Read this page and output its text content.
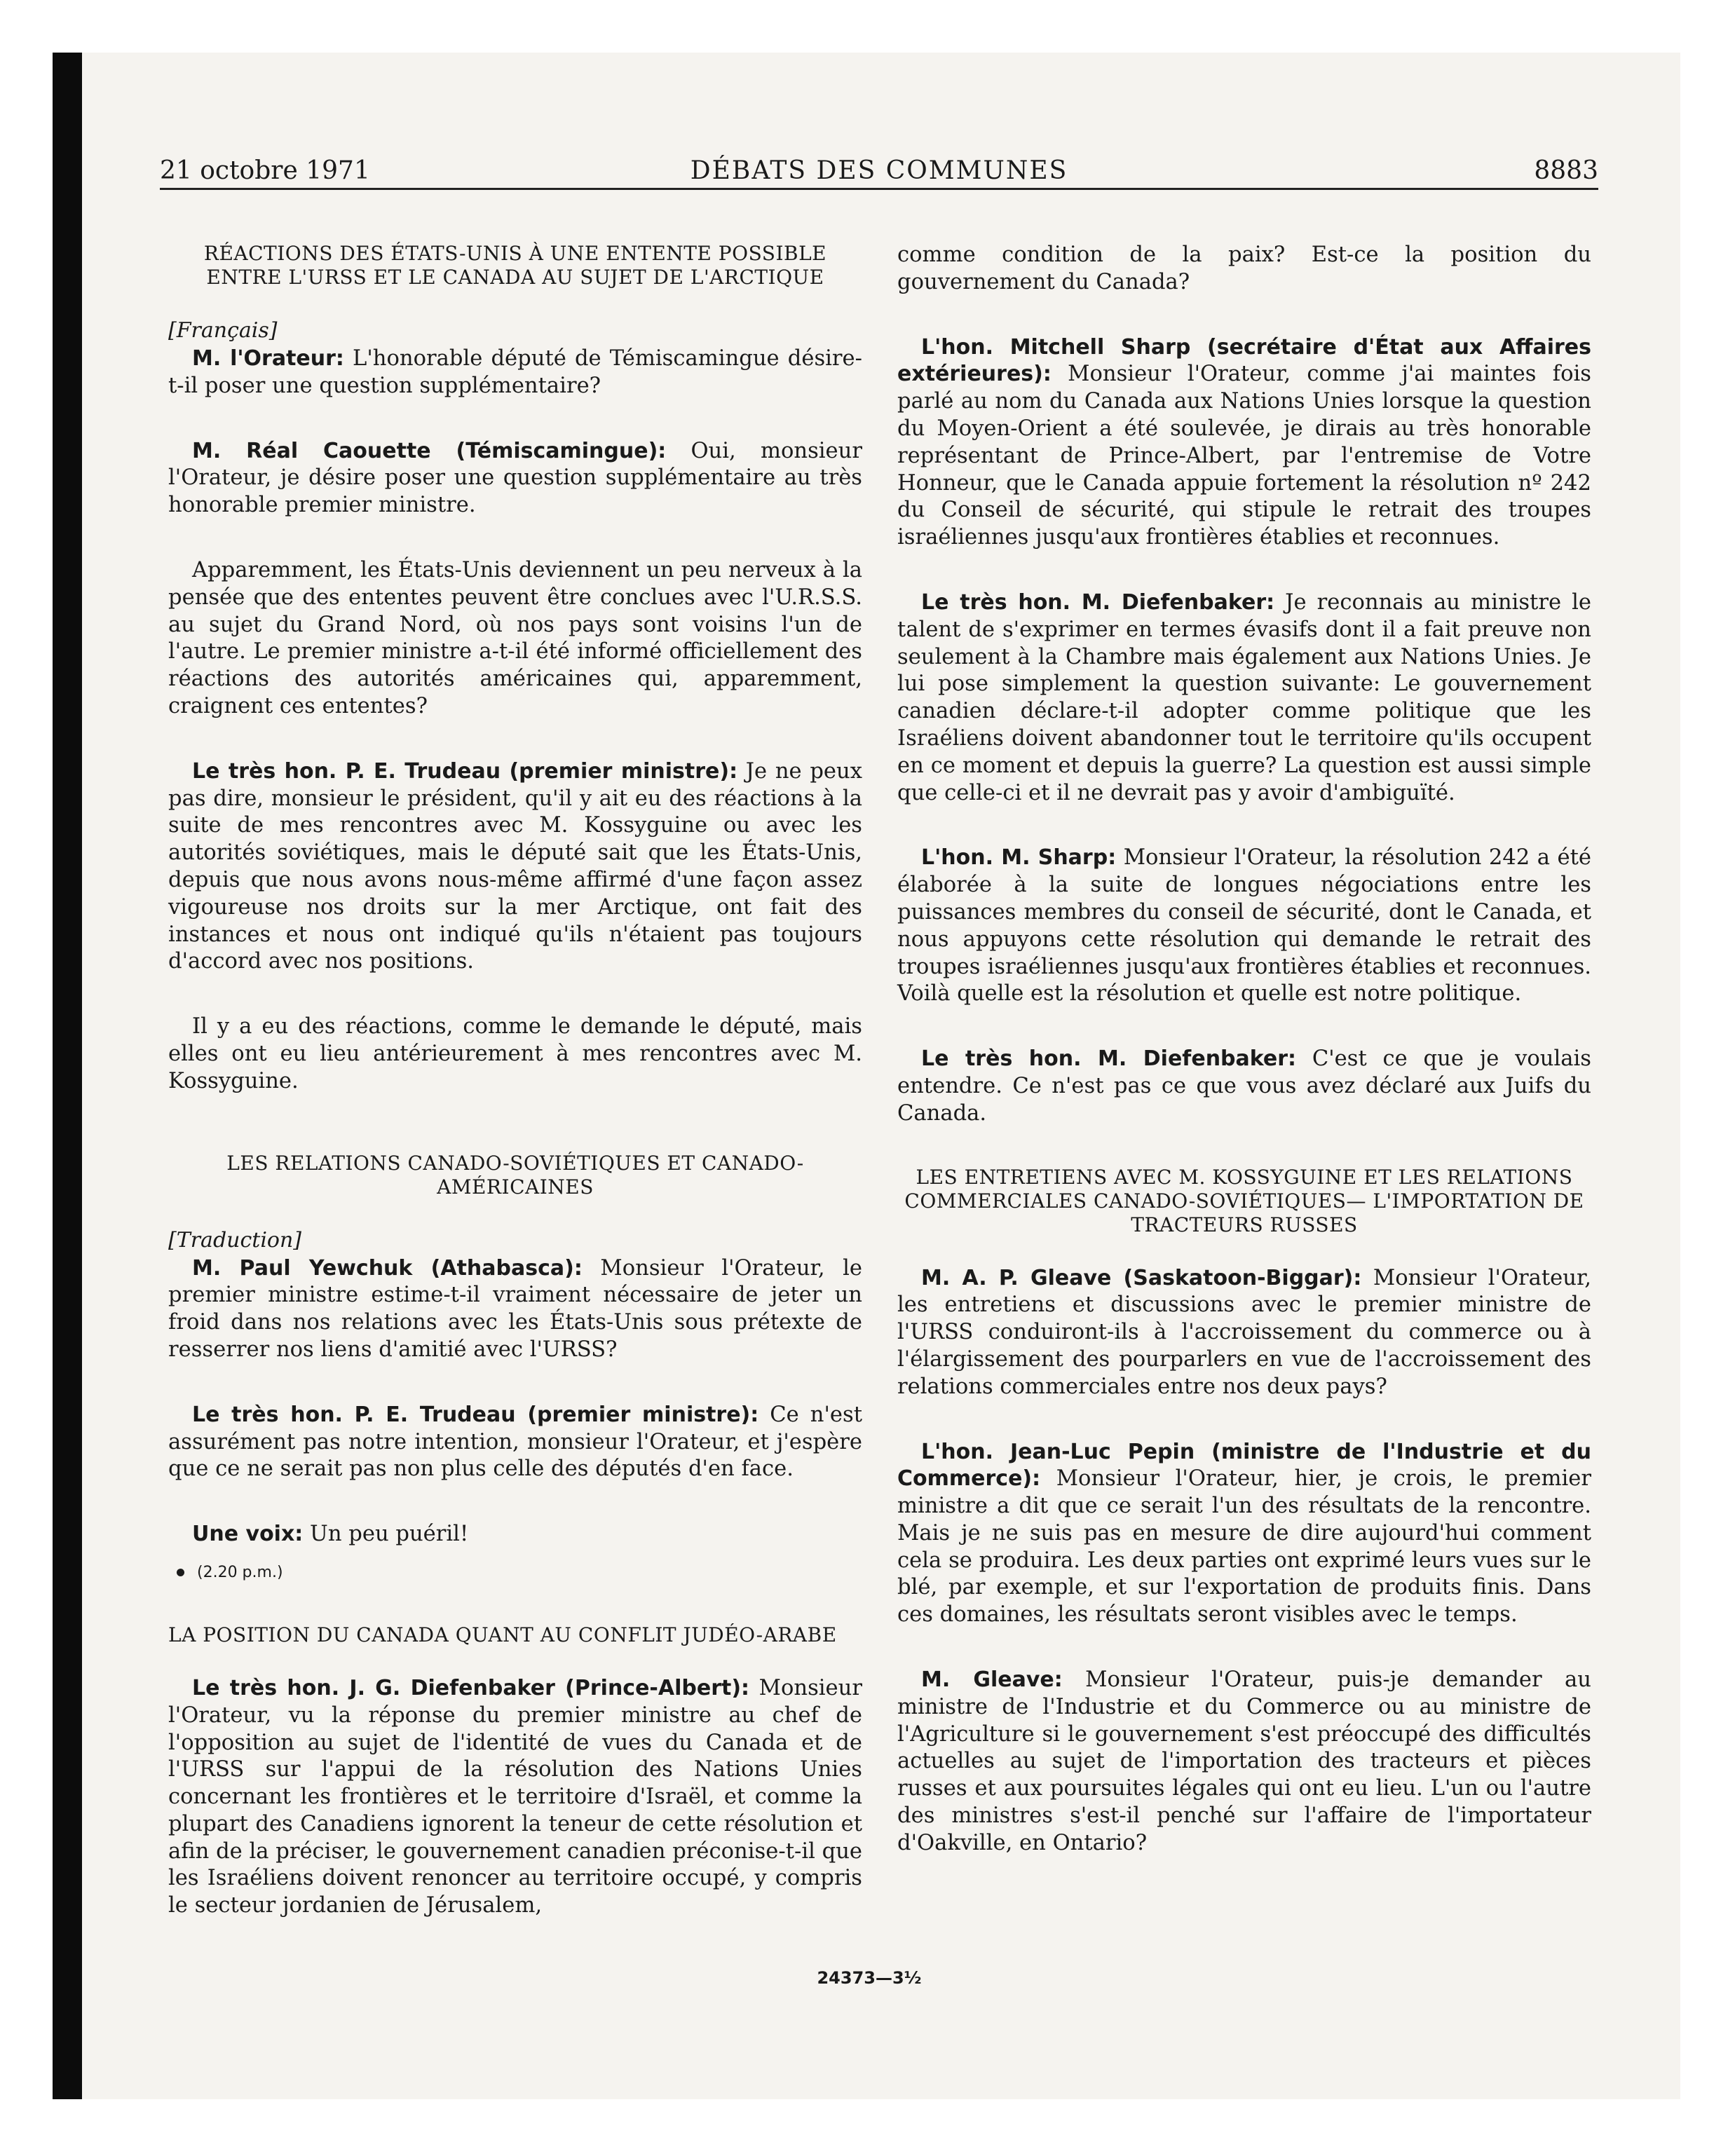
21 octobre 1971	DÉBATS DES COMMUNES	8883
RÉACTIONS DES ÉTATS-UNIS À UNE ENTENTE POSSIBLE ENTRE L'URSS ET LE CANADA AU SUJET DE L'ARCTIQUE
[Français]

M. l'Orateur: L'honorable député de Témiscamingue désire-t-il poser une question supplémentaire?

M. Réal Caouette (Témiscamingue): Oui, monsieur l'Orateur, je désire poser une question supplémentaire au très honorable premier ministre.

Apparemment, les États-Unis deviennent un peu nerveux à la pensée que des ententes peuvent être conclues avec l'U.R.S.S. au sujet du Grand Nord, où nos pays sont voisins l'un de l'autre. Le premier ministre a-t-il été informé officiellement des réactions des autorités américaines qui, apparemment, craignent ces ententes?

Le très hon. P. E. Trudeau (premier ministre): Je ne peux pas dire, monsieur le président, qu'il y ait eu des réactions à la suite de mes rencontres avec M. Kossyguine ou avec les autorités soviétiques, mais le député sait que les États-Unis, depuis que nous avons nous-même affirmé d'une façon assez vigoureuse nos droits sur la mer Arctique, ont fait des instances et nous ont indiqué qu'ils n'étaient pas toujours d'accord avec nos positions.

Il y a eu des réactions, comme le demande le député, mais elles ont eu lieu antérieurement à mes rencontres avec M. Kossyguine.

LES RELATIONS CANADO-SOVIÉTIQUES ET CANADO-AMÉRICAINES
[Traduction]

M. Paul Yewchuk (Athabasca): Monsieur l'Orateur, le premier ministre estime-t-il vraiment nécessaire de jeter un froid dans nos relations avec les États-Unis sous prétexte de resserrer nos liens d'amitié avec l'URSS?

Le très hon. P. E. Trudeau (premier ministre): Ce n'est assurément pas notre intention, monsieur l'Orateur, et j'espère que ce ne serait pas non plus celle des députés d'en face.

Une voix: Un peu puéril!

(2.20 p.m.)
LA POSITION DU CANADA QUANT AU CONFLIT JUDÉO-ARABE

Le très hon. J. G. Diefenbaker (Prince-Albert): Monsieur l'Orateur, vu la réponse du premier ministre au chef de l'opposition au sujet de l'identité de vues du Canada et de l'URSS sur l'appui de la résolution des Nations Unies concernant les frontières et le territoire d'Israël, et comme la plupart des Canadiens ignorent la teneur de cette résolution et afin de la préciser, le gouvernement canadien préconise-t-il que les Israéliens doivent renoncer au territoire occupé, y compris le secteur jordanien de Jérusalem,

comme condition de la paix? Est-ce la position du gouvernement du Canada?

L'hon. Mitchell Sharp (secrétaire d'État aux Affaires extérieures): Monsieur l'Orateur, comme j'ai maintes fois parlé au nom du Canada aux Nations Unies lorsque la question du Moyen-Orient a été soulevée, je dirais au très honorable représentant de Prince-Albert, par l'entremise de Votre Honneur, que le Canada appuie fortement la résolution nº 242 du Conseil de sécurité, qui stipule le retrait des troupes israéliennes jusqu'aux frontières établies et reconnues.

Le très hon. M. Diefenbaker: Je reconnais au ministre le talent de s'exprimer en termes évasifs dont il a fait preuve non seulement à la Chambre mais également aux Nations Unies. Je lui pose simplement la question suivante: Le gouvernement canadien déclare-t-il adopter comme politique que les Israéliens doivent abandonner tout le territoire qu'ils occupent en ce moment et depuis la guerre? La question est aussi simple que celle-ci et il ne devrait pas y avoir d'ambiguïté.

L'hon. M. Sharp: Monsieur l'Orateur, la résolution 242 a été élaborée à la suite de longues négociations entre les puissances membres du conseil de sécurité, dont le Canada, et nous appuyons cette résolution qui demande le retrait des troupes israéliennes jusqu'aux frontières établies et reconnues. Voilà quelle est la résolution et quelle est notre politique.

Le très hon. M. Diefenbaker: C'est ce que je voulais entendre. Ce n'est pas ce que vous avez déclaré aux Juifs du Canada.

LES ENTRETIENS AVEC M. KOSSYGUINE ET LES RELATIONS COMMERCIALES CANADO-SOVIÉTIQUES— L'IMPORTATION DE TRACTEURS RUSSES

M. A. P. Gleave (Saskatoon-Biggar): Monsieur l'Orateur, les entretiens et discussions avec le premier ministre de l'URSS conduiront-ils à l'accroissement du commerce ou à l'élargissement des pourparlers en vue de l'accroissement des relations commerciales entre nos deux pays?

L'hon. Jean-Luc Pepin (ministre de l'Industrie et du Commerce): Monsieur l'Orateur, hier, je crois, le premier ministre a dit que ce serait l'un des résultats de la rencontre. Mais je ne suis pas en mesure de dire aujourd'hui comment cela se produira. Les deux parties ont exprimé leurs vues sur le blé, par exemple, et sur l'exportation de produits finis. Dans ces domaines, les résultats seront visibles avec le temps.

M. Gleave: Monsieur l'Orateur, puis-je demander au ministre de l'Industrie et du Commerce ou au ministre de l'Agriculture si le gouvernement s'est préoccupé des difficultés actuelles au sujet de l'importation des tracteurs et pièces russes et aux poursuites légales qui ont eu lieu. L'un ou l'autre des ministres s'est-il penché sur l'affaire de l'importateur d'Oakville, en Ontario?

24373—3½
